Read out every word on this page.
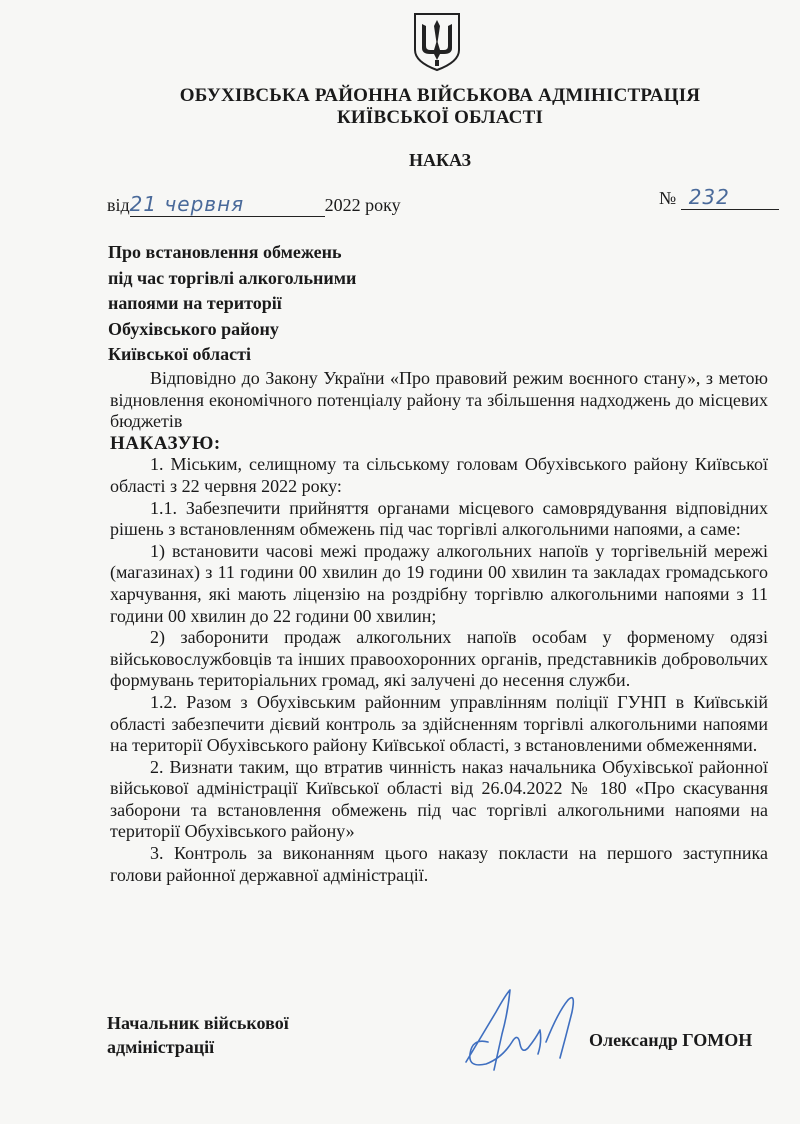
ОБУХІВСЬКА РАЙОННА ВІЙСЬКОВА АДМІНІСТРАЦІЯ
КИЇВСЬКОЇ ОБЛАСТІ
НАКАЗ
від21 червня	2022 року	№ 232
Про встановлення обмежень
під час торгівлі алкогольними
напоями на території
Обухівського району
Київської області

Відповідно до Закону України «Про правовий режим воєнного стану», з метою відновлення економічного потенціалу району та збільшення надходжень до місцевих бюджетів

НАКАЗУЮ:

1. Міським, селищному та сільському головам Обухівського району Київської області з 22 червня 2022 року:

1.1. Забезпечити прийняття органами місцевого самоврядування відповідних рішень з встановленням обмежень під час торгівлі алкогольними напоями, а саме:

1) встановити часові межі продажу алкогольних напоїв у торгівельній мережі (магазинах) з 11 години 00 хвилин до 19 години 00 хвилин та закладах громадського харчування, які мають ліцензію на роздрібну торгівлю алкогольними напоями з 11 години 00 хвилин до 22 години 00 хвилин;

2) заборонити продаж алкогольних напоїв особам у форменому одязі військовослужбовців та інших правоохоронних органів, представників добровольчих формувань територіальних громад, які залучені до несення служби.

1.2. Разом з Обухівським районним управлінням поліції ГУНП в Київській області забезпечити дієвий контроль за здійсненням торгівлі алкогольними напоями на території Обухівського району Київської області, з встановленими обмеженнями.

2. Визнати таким, що втратив чинність наказ начальника Обухівської районної військової адміністрації Київської області від 26.04.2022 № 180 «Про скасування заборони та встановлення обмежень під час торгівлі алкогольними напоями на території Обухівського району»

3. Контроль за виконанням цього наказу покласти на першого заступника голови районної державної адміністрації.

Начальник військової
адміністрації	Олександр ГОМОН
